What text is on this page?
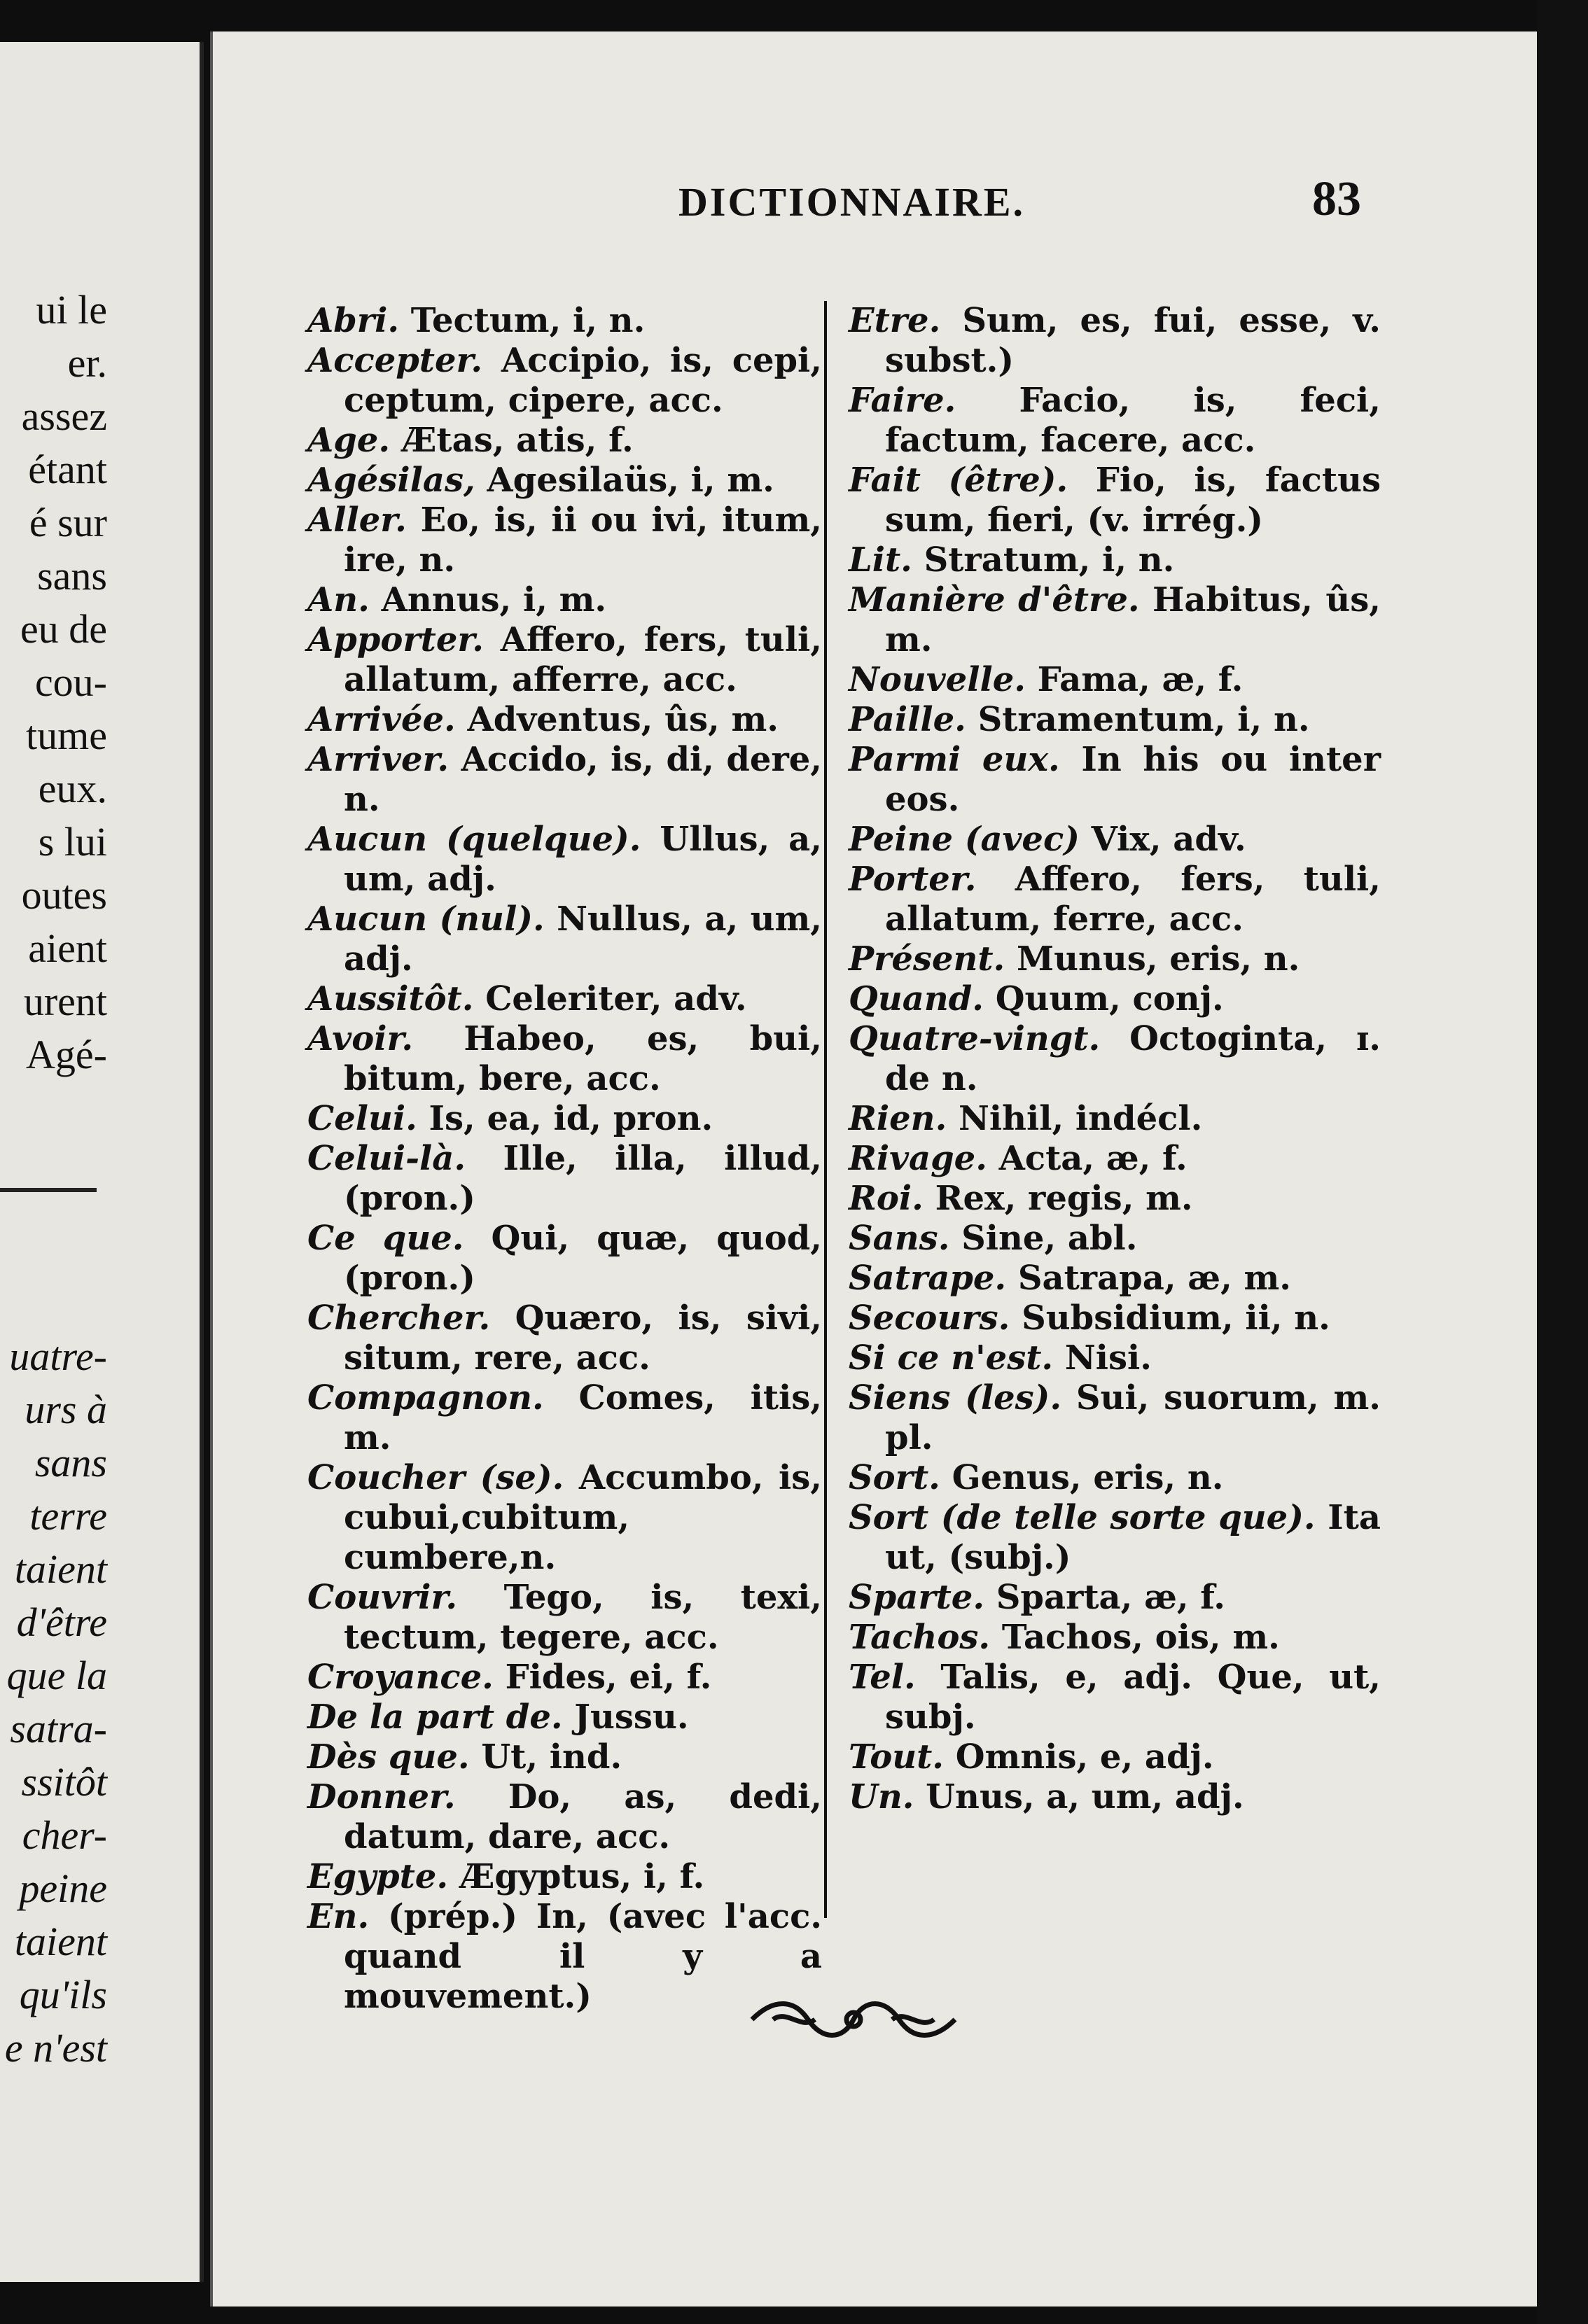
ui le
er.
assez
étant
é sur
sans
eu de
cou-
tume
eux.
s lui
outes
aient
urent
Agé-
uatre-
urs à
sans
terre
taient
d'être
que la
satra-
ssitôt
cher-
peine
taient
qu'ils
e n'est
DICTIONNAIRE.	83
Abri. Tectum, i, n.
Accepter. Accipio, is, cepi, ceptum, cipere, acc.
Age. Ætas, atis, f.
Agésilas, Agesilaüs, i, m.
Aller. Eo, is, ii ou ivi, itum, ire, n.
An. Annus, i, m.
Apporter. Affero, fers, tuli, allatum, afferre, acc.
Arrivée. Adventus, ûs, m.
Arriver. Accido, is, di, dere, n.
Aucun (quelque). Ullus, a, um, adj.
Aucun (nul). Nullus, a, um, adj.
Aussitôt. Celeriter, adv.
Avoir. Habeo, es, bui, bitum, bere, acc.
Celui. Is, ea, id, pron.
Celui-là. Ille, illa, illud, (pron.)
Ce que. Qui, quæ, quod, (pron.)
Chercher. Quæro, is, sivi, situm, rere, acc.
Compagnon. Comes, itis, m.
Coucher (se). Accumbo, is, cubui,cubitum, cumbere,n.
Couvrir. Tego, is, texi, tectum, tegere, acc.
Croyance. Fides, ei, f.
De la part de. Jussu.
Dès que. Ut, ind.
Donner. Do, as, dedi, datum, dare, acc.
Egypte. Ægyptus, i, f.
En. (prép.) In, (avec l'acc. quand il y a mouvement.)
Etre. Sum, es, fui, esse, v. subst.)
Faire. Facio, is, feci, factum, facere, acc.
Fait (être). Fio, is, factus sum, fieri, (v. irrég.)
Lit. Stratum, i, n.
Manière d'être. Habitus, ûs, m.
Nouvelle. Fama, æ, f.
Paille. Stramentum, i, n.
Parmi eux. In his ou inter eos.
Peine (avec) Vix, adv.
Porter. Affero, fers, tuli, allatum, ferre, acc.
Présent. Munus, eris, n.
Quand. Quum, conj.
Quatre-vingt. Octoginta, ɪ. de n.
Rien. Nihil, indécl.
Rivage. Acta, æ, f.
Roi. Rex, regis, m.
Sans. Sine, abl.
Satrape. Satrapa, æ, m.
Secours. Subsidium, ii, n.
Si ce n'est. Nisi.
Siens (les). Sui, suorum, m. pl.
Sort. Genus, eris, n.
Sort (de telle sorte que). Ita ut, (subj.)
Sparte. Sparta, æ, f.
Tachos. Tachos, ois, m.
Tel. Talis, e, adj. Que, ut, subj.
Tout. Omnis, e, adj.
Un. Unus, a, um, adj.
